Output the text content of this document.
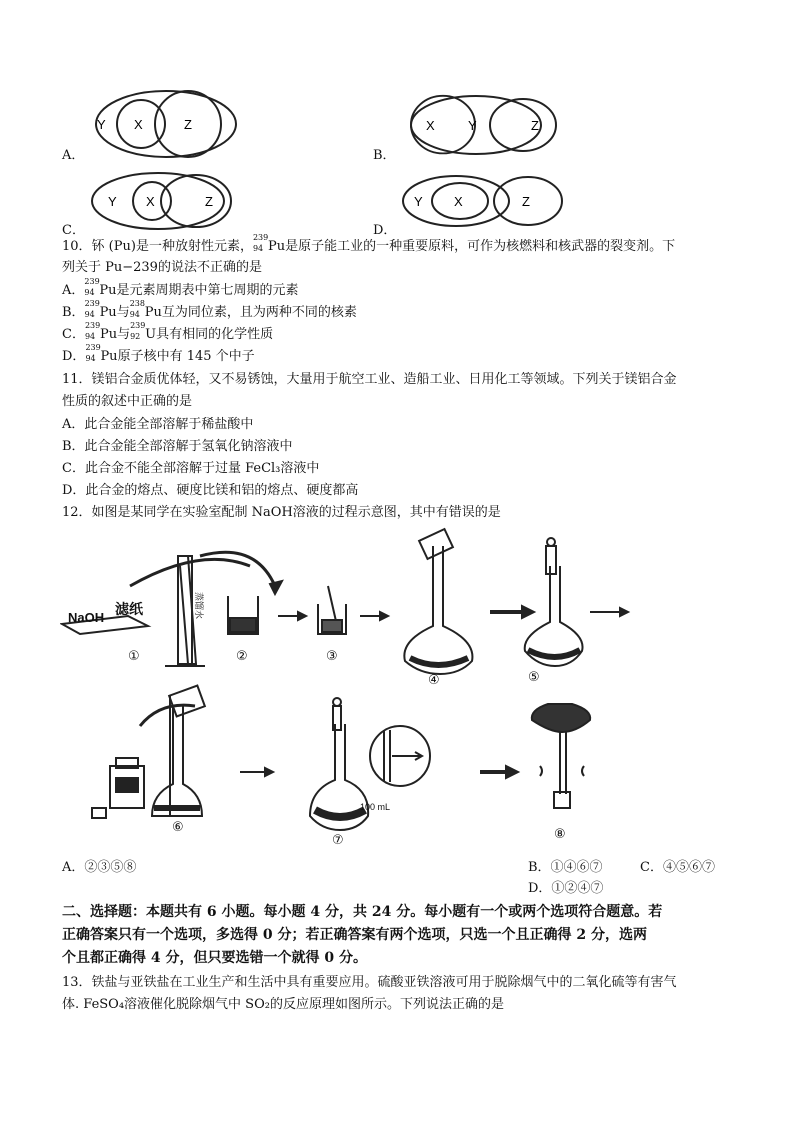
Y X	Z
A．
X	Y	Z
B．
Y X	Z
C．
Y X	Z
D．
10．钚 (Pu)是一种放射性元素，
239
94 Pu是原子能工业的一种重要原料，可作为核燃料和核武器的裂变剂。下
列关于 Pu−239的说法不正确的是
A．
239
94 Pu是元素周期表中第七周期的元素
B．
239
94 Pu与
238
94 Pu互为同位素，且为两种不同的核素
C．
239
94 Pu与
239
92 U具有相同的化学性质
D．
239
94 Pu原子核中有 145 个中子
11．镁铝合金质优体轻，又不易锈蚀，大量用于航空工业、造船工业、日用化工等领域。下列关于镁铝合金
性质的叙述中正确的是
A．此合金能全部溶解于稀盐酸中
B．此合金能全部溶解于氢氧化钠溶液中
C．此合金不能全部溶解于过量 FeCl₃溶液中
D．此合金的熔点、硬度比镁和铝的熔点、硬度都高
12．如图是某同学在实验室配制 NaOH溶液的过程示意图，其中有错误的是
NaOH
滤纸	蒸馏水
100 mL
①	②	③
④	⑤
⑥
⑦	⑧
A．②③⑤⑧	B．①④⑥⑦	C．④⑤⑥⑦
D．①②④⑦
二、选择题：本题共有 6 小题。每小题 4 分，共 24 分。每小题有一个或两个选项符合题意。若
正确答案只有一个选项，多选得 0 分；若正确答案有两个选项，只选一个且正确得 2 分，选两
个且都正确得 4 分，但只要选错一个就得 0 分。
13．铁盐与亚铁盐在工业生产和生活中具有重要应用。硫酸亚铁溶液可用于脱除烟气中的二氧化硫等有害气
体. FeSO₄溶液催化脱除烟气中 SO₂的反应原理如图所示。下列说法正确的是
